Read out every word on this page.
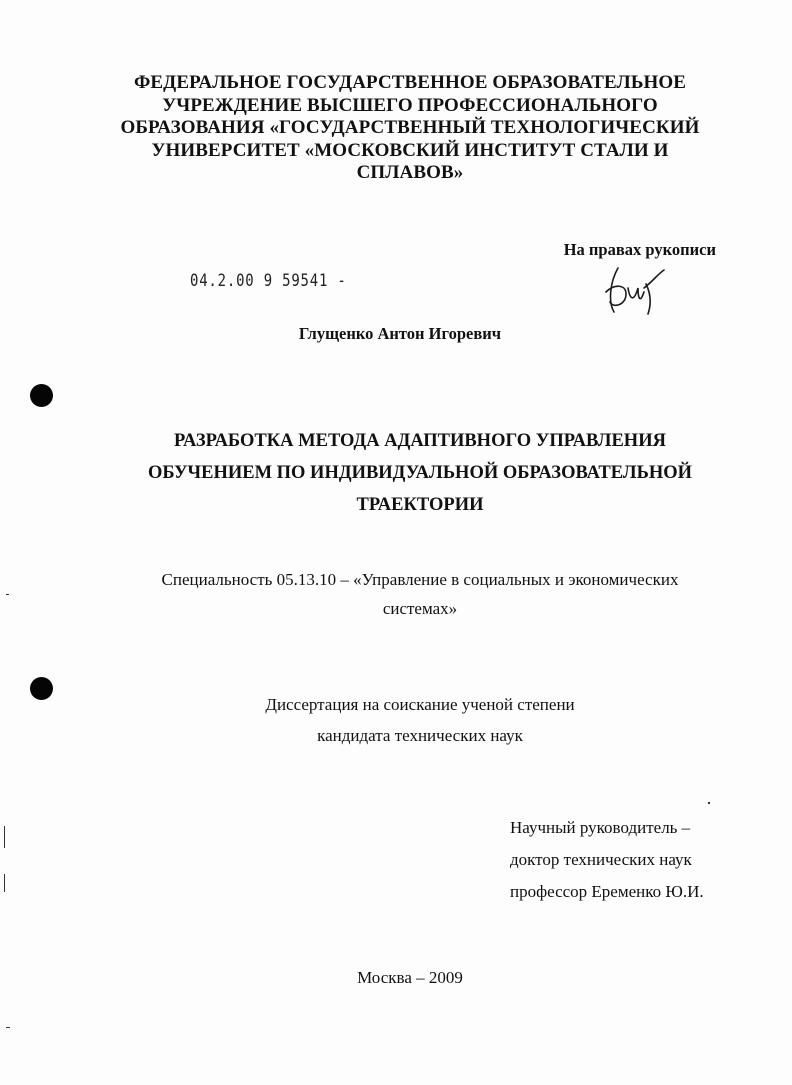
ФЕДЕРАЛЬНОЕ ГОСУДАРСТВЕННОЕ ОБРАЗОВАТЕЛЬНОЕ
УЧРЕЖДЕНИЕ ВЫСШЕГО ПРОФЕССИОНАЛЬНОГО
ОБРАЗОВАНИЯ «ГОСУДАРСТВЕННЫЙ ТЕХНОЛОГИЧЕСКИЙ
УНИВЕРСИТЕТ «МОСКОВСКИЙ ИНСТИТУТ СТАЛИ И
СПЛАВОВ»
На правах рукописи
04.2.00 9 59541 -
Глущенко Антон Игоревич
РАЗРАБОТКА МЕТОДА АДАПТИВНОГО УПРАВЛЕНИЯ
ОБУЧЕНИЕМ ПО ИНДИВИДУАЛЬНОЙ ОБРАЗОВАТЕЛЬНОЙ
ТРАЕКТОРИИ
Специальность 05.13.10 – «Управление в социальных и экономических
системах»
Диссертация на соискание ученой степени
кандидата технических наук
Научный руководитель –
доктор технических наук
профессор Еременко Ю.И.
Москва – 2009
